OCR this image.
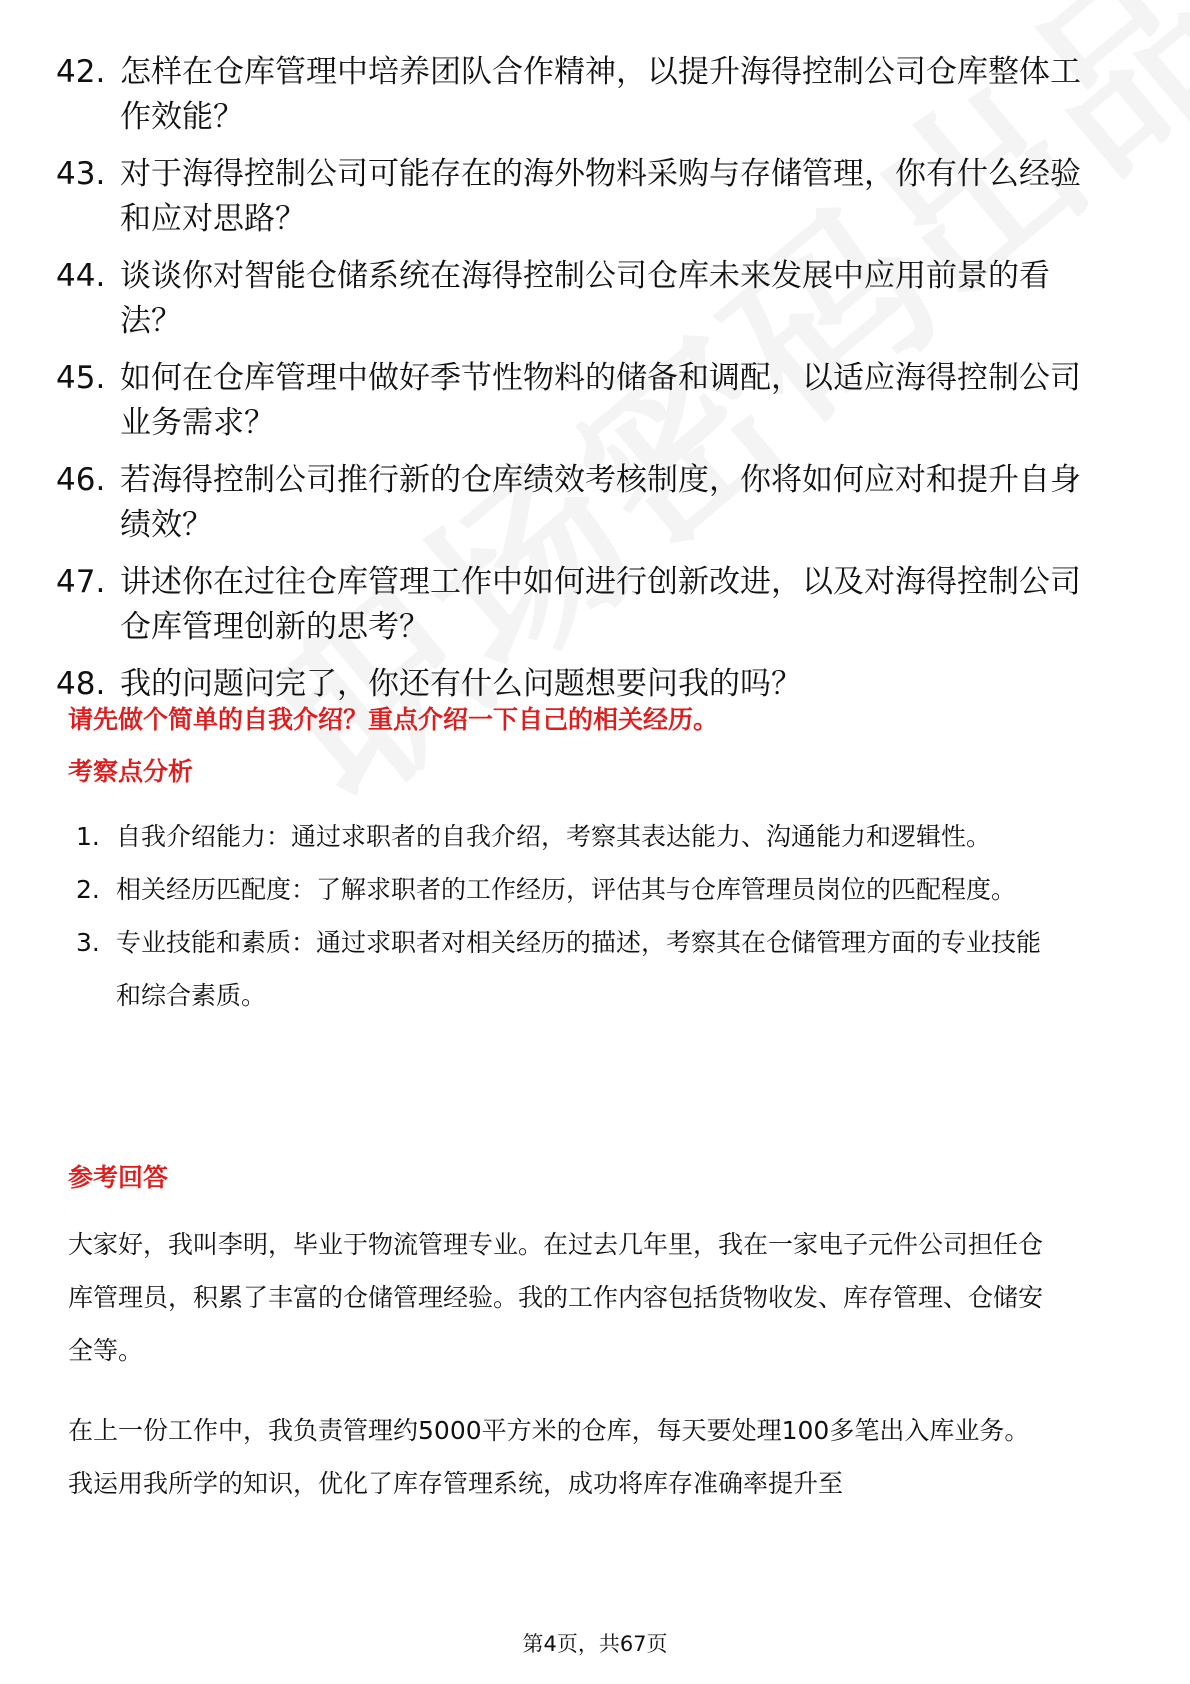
42. 怎样在仓库管理中培养团队合作精神，以提升海得控制公司仓库整体工作效能？
43. 对于海得控制公司可能存在的海外物料采购与存储管理，你有什么经验和应对思路？
44. 谈谈你对智能仓储系统在海得控制公司仓库未来发展中应用前景的看法？
45. 如何在仓库管理中做好季节性物料的储备和调配，以适应海得控制公司业务需求？
46. 若海得控制公司推行新的仓库绩效考核制度，你将如何应对和提升自身绩效？
47. 讲述你在过往仓库管理工作中如何进行创新改进，以及对海得控制公司仓库管理创新的思考？
48. 我的问题问完了，你还有什么问题想要问我的吗？
请先做个简单的自我介绍？重点介绍一下自己的相关经历。
考察点分析
1. 自我介绍能力：通过求职者的自我介绍，考察其表达能力、沟通能力和逻辑性。
2. 相关经历匹配度：了解求职者的工作经历，评估其与仓库管理员岗位的匹配程度。
3. 专业技能和素质：通过求职者对相关经历的描述，考察其在仓储管理方面的专业技能和综合素质。
参考回答
大家好，我叫李明，毕业于物流管理专业。在过去几年里，我在一家电子元件公司担任仓库管理员，积累了丰富的仓储管理经验。我的工作内容包括货物收发、库存管理、仓储安全等。
在上一份工作中，我负责管理约5000平方米的仓库，每天要处理100多笔出入库业务。我运用我所学的知识，优化了库存管理系统，成功将库存准确率提升至
第4页，共67页
